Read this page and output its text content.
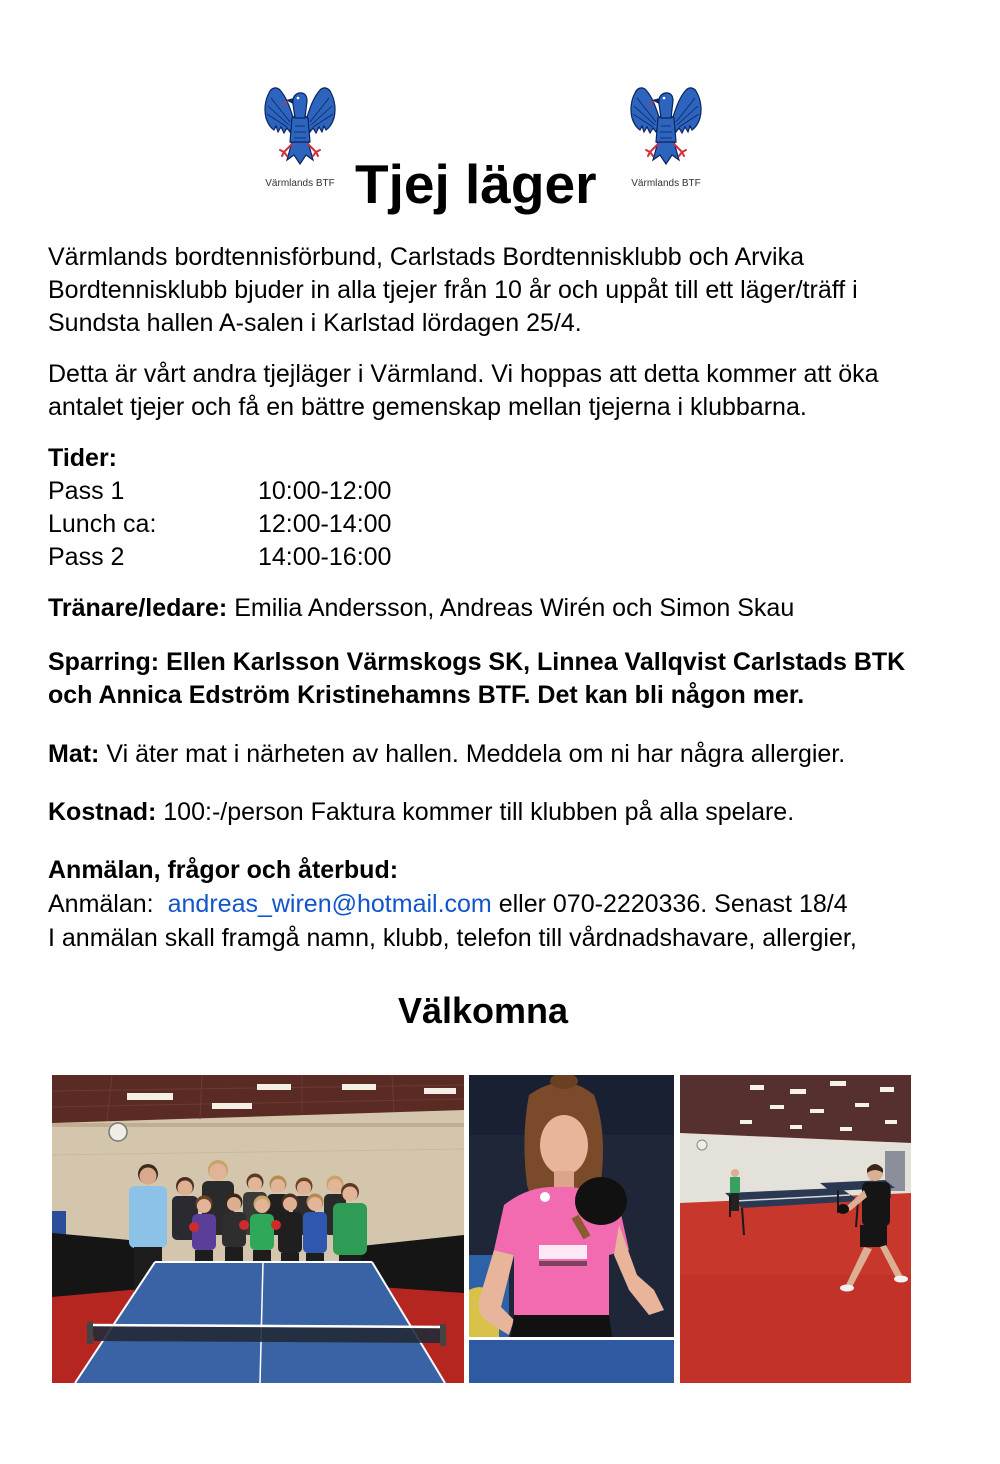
Värmlands BTF	Värmlands BTF
Tjej läger
Värmlands bordtennisförbund, Carlstads Bordtennisklubb och Arvika
Bordtennisklubb bjuder in alla tjejer från 10 år och uppåt till ett läger/träff i
Sundsta hallen A-salen i Karlstad lördagen 25/4.
Detta är vårt andra tjejläger i Värmland. Vi hoppas att detta kommer att öka
antalet tjejer och få en bättre gemenskap mellan tjejerna i klubbarna.
Tider:
Pass 1	10:00-12:00
Lunch ca:	12:00-14:00
Pass 2	14:00-16:00
Tränare/ledare: Emilia Andersson, Andreas Wirén och Simon Skau
Sparring: Ellen Karlsson Värmskogs SK, Linnea Vallqvist Carlstads BTK
och Annica Edström Kristinehamns BTF. Det kan bli någon mer.
Mat: Vi äter mat i närheten av hallen. Meddela om ni har några allergier.
Kostnad: 100:-/person Faktura kommer till klubben på alla spelare.
Anmälan, frågor och återbud:
Anmälan: andreas_wiren@hotmail.com eller 070-2220336. Senast 18/4
I anmälan skall framgå namn, klubb, telefon till vårdnadshavare, allergier,
Välkomna
